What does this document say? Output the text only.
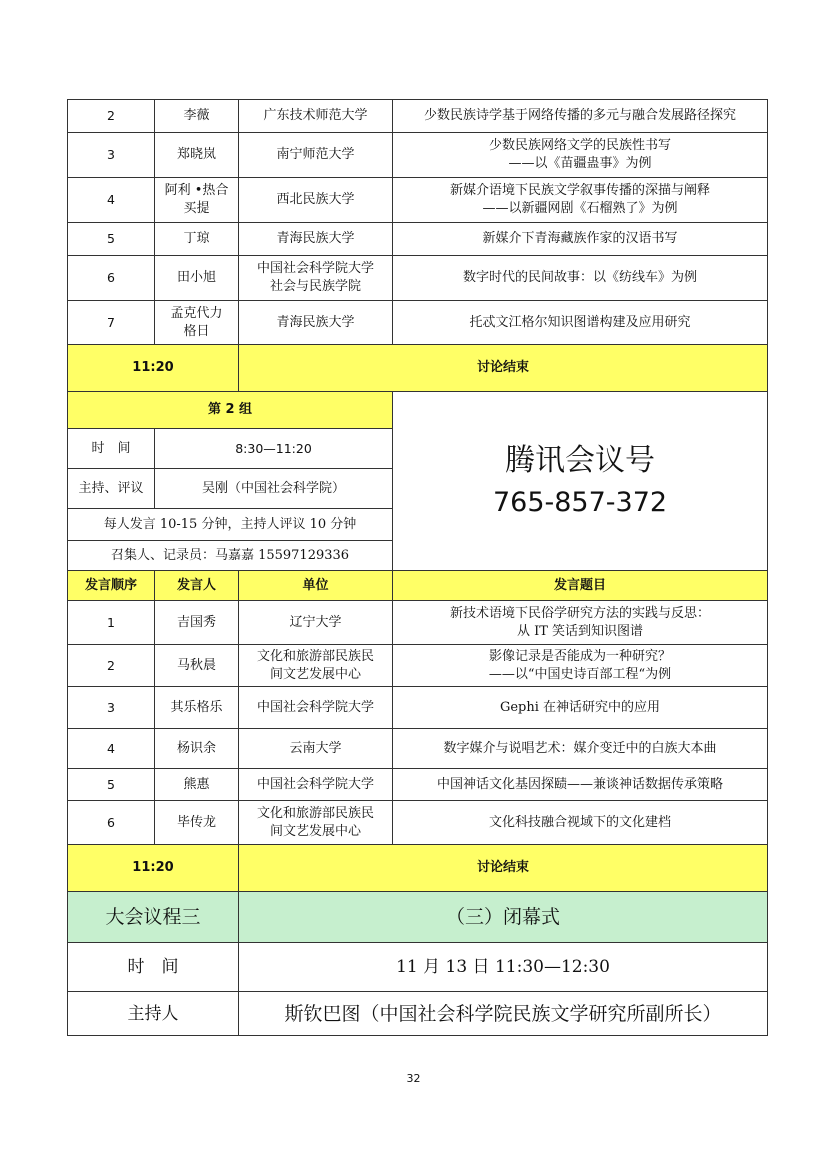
2	李薇	广东技术师范大学	少数民族诗学基于网络传播的多元与融合发展路径探究

3	郑晓岚	南宁师范大学	少数民族网络文学的民族性书写
——以《苗疆蛊事》为例

4	阿利 •热合
买提	西北民族大学	新媒介语境下民族文学叙事传播的深描与阐释
——以新疆网剧《石榴熟了》为例

5	丁琼	青海民族大学	新媒介下青海藏族作家的汉语书写

6	田小旭	中国社会科学院大学
社会与民族学院	数字时代的民间故事：以《纺线车》为例

7	孟克代力
格日	青海民族大学	托忒文江格尔知识图谱构建及应用研究

11:20		讨论结束	
第 2 组			腾讯会议号
765-857-372

时　间	8:30—11:20		
主持、评议	吴刚（中国社会科学院）		
每人发言 10-15 分钟，主持人评议 10 分钟			
召集人、记录员：马嘉嘉 15597129336			
发言顺序	发言人	单位	发言题目
1	吉国秀	辽宁大学	新技术语境下民俗学研究方法的实践与反思：
从 IT 笑话到知识图谱

2	马秋晨	文化和旅游部民族民
间文艺发展中心	影像记录是否能成为一种研究？
——以“中国史诗百部工程“为例

3	其乐格乐	中国社会科学院大学	Gephi 在神话研究中的应用

4	杨识余	云南大学	数字媒介与说唱艺术：媒介变迁中的白族大本曲

5	熊惠	中国社会科学院大学	中国神话文化基因探赜——兼谈神话数据传承策略

6	毕传龙	文化和旅游部民族民
间文艺发展中心	文化科技融合视域下的文化建档

11:20		讨论结束	
大会议程三		（三）闭幕式	
时　间		11 月 13 日 11:30—12:30	
主持人		斯钦巴图（中国社会科学院民族文学研究所副所长）	
32
